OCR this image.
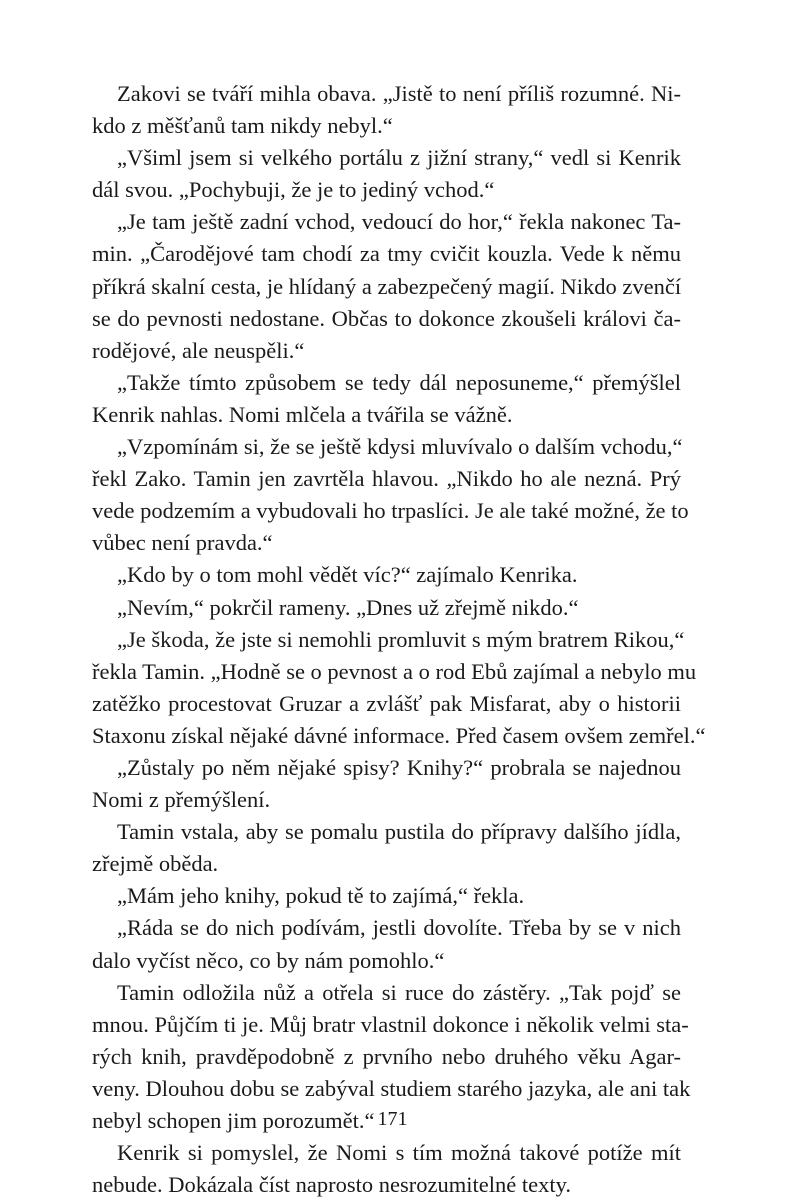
Zakovi se tváří mihla obava. „Jistě to není příliš rozumné. Ni-
kdo z měšťanů tam nikdy nebyl.“
„Všiml jsem si velkého portálu z jižní strany,“ vedl si Kenrik
dál svou. „Pochybuji, že je to jediný vchod.“
„Je tam ještě zadní vchod, vedoucí do hor,“ řekla nakonec Ta-
min. „Čarodějové tam chodí za tmy cvičit kouzla. Vede k němu
příkrá skalní cesta, je hlídaný a zabezpečený magií. Nikdo zvenčí
se do pevnosti nedostane. Občas to dokonce zkoušeli královi ča-
rodějové, ale neuspěli.“
„Takže tímto způsobem se tedy dál neposuneme,“ přemýšlel
Kenrik nahlas. Nomi mlčela a tvářila se vážně.
„Vzpomínám si, že se ještě kdysi mluvívalo o dalším vchodu,“
řekl Zako. Tamin jen zavrtěla hlavou. „Nikdo ho ale nezná. Prý
vede podzemím a vybudovali ho trpaslíci. Je ale také možné, že to
vůbec není pravda.“
„Kdo by o tom mohl vědět víc?“ zajímalo Kenrika.
„Nevím,“ pokrčil rameny. „Dnes už zřejmě nikdo.“
„Je škoda, že jste si nemohli promluvit s mým bratrem Rikou,“
řekla Tamin. „Hodně se o pevnost a o rod Ebů zajímal a nebylo mu
zatěžko procestovat Gruzar a zvlášť pak Misfarat, aby o historii
Staxonu získal nějaké dávné informace. Před časem ovšem zemřel.“
„Zůstaly po něm nějaké spisy? Knihy?“ probrala se najednou
Nomi z přemýšlení.
Tamin vstala, aby se pomalu pustila do přípravy dalšího jídla,
zřejmě oběda.
„Mám jeho knihy, pokud tě to zajímá,“ řekla.
„Ráda se do nich podívám, jestli dovolíte. Třeba by se v nich
dalo vyčíst něco, co by nám pomohlo.“
Tamin odložila nůž a otřela si ruce do zástěry. „Tak pojď se
mnou. Půjčím ti je. Můj bratr vlastnil dokonce i několik velmi sta-
rých knih, pravděpodobně z prvního nebo druhého věku Agar-
veny. Dlouhou dobu se zabýval studiem starého jazyka, ale ani tak
nebyl schopen jim porozumět.“
Kenrik si pomyslel, že Nomi s tím možná takové potíže mít
nebude. Dokázala číst naprosto nesrozumitelné texty.
171
